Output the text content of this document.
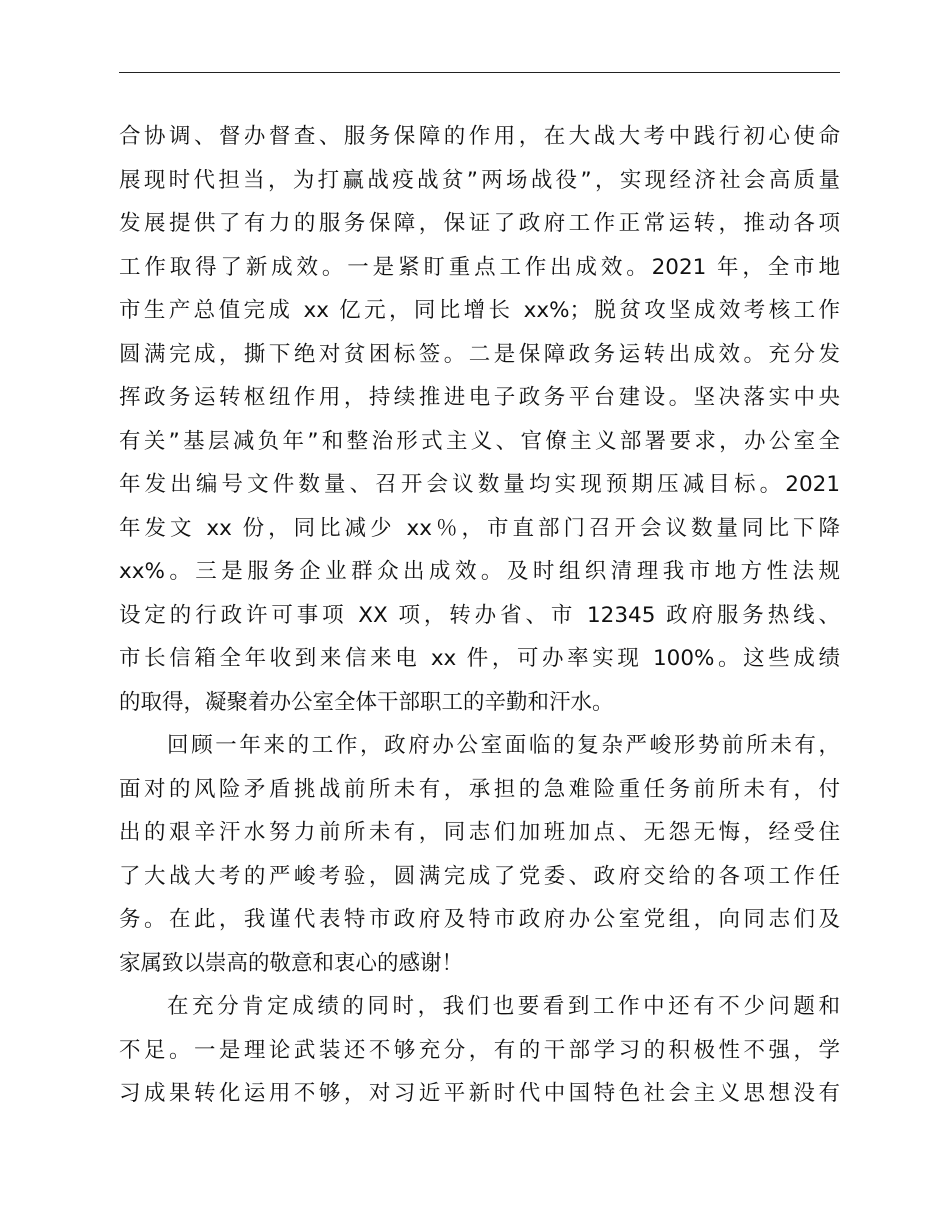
合协调、督办督查、服务保障的作用，在大战大考中践行初心使命
展现时代担当，为打赢战疫战贫”两场战役”，实现经济社会高质量
发展提供了有力的服务保障，保证了政府工作正常运转，推动各项
工作取得了新成效。一是紧盯重点工作出成效。2021 年，全市地
市生产总值完成 xx 亿元，同比增长 xx%；脱贫攻坚成效考核工作
圆满完成，撕下绝对贫困标签。二是保障政务运转出成效。充分发
挥政务运转枢纽作用，持续推进电子政务平台建设。坚决落实中央
有关”基层减负年”和整治形式主义、官僚主义部署要求，办公室全
年发出编号文件数量、召开会议数量均实现预期压减目标。2021
年发文 xx 份，同比减少 xx％，市直部门召开会议数量同比下降
xx%。三是服务企业群众出成效。及时组织清理我市地方性法规
设定的行政许可事项 XX 项，转办省、市 12345 政府服务热线、
市长信箱全年收到来信来电 xx 件，可办率实现 100%。这些成绩
的取得，凝聚着办公室全体干部职工的辛勤和汗水。
回顾一年来的工作，政府办公室面临的复杂严峻形势前所未有，
面对的风险矛盾挑战前所未有，承担的急难险重任务前所未有，付
出的艰辛汗水努力前所未有，同志们加班加点、无怨无悔，经受住
了大战大考的严峻考验，圆满完成了党委、政府交给的各项工作任
务。在此，我谨代表特市政府及特市政府办公室党组，向同志们及
家属致以崇高的敬意和衷心的感谢！
在充分肯定成绩的同时，我们也要看到工作中还有不少问题和
不足。一是理论武装还不够充分，有的干部学习的积极性不强，学
习成果转化运用不够，对习近平新时代中国特色社会主义思想没有
